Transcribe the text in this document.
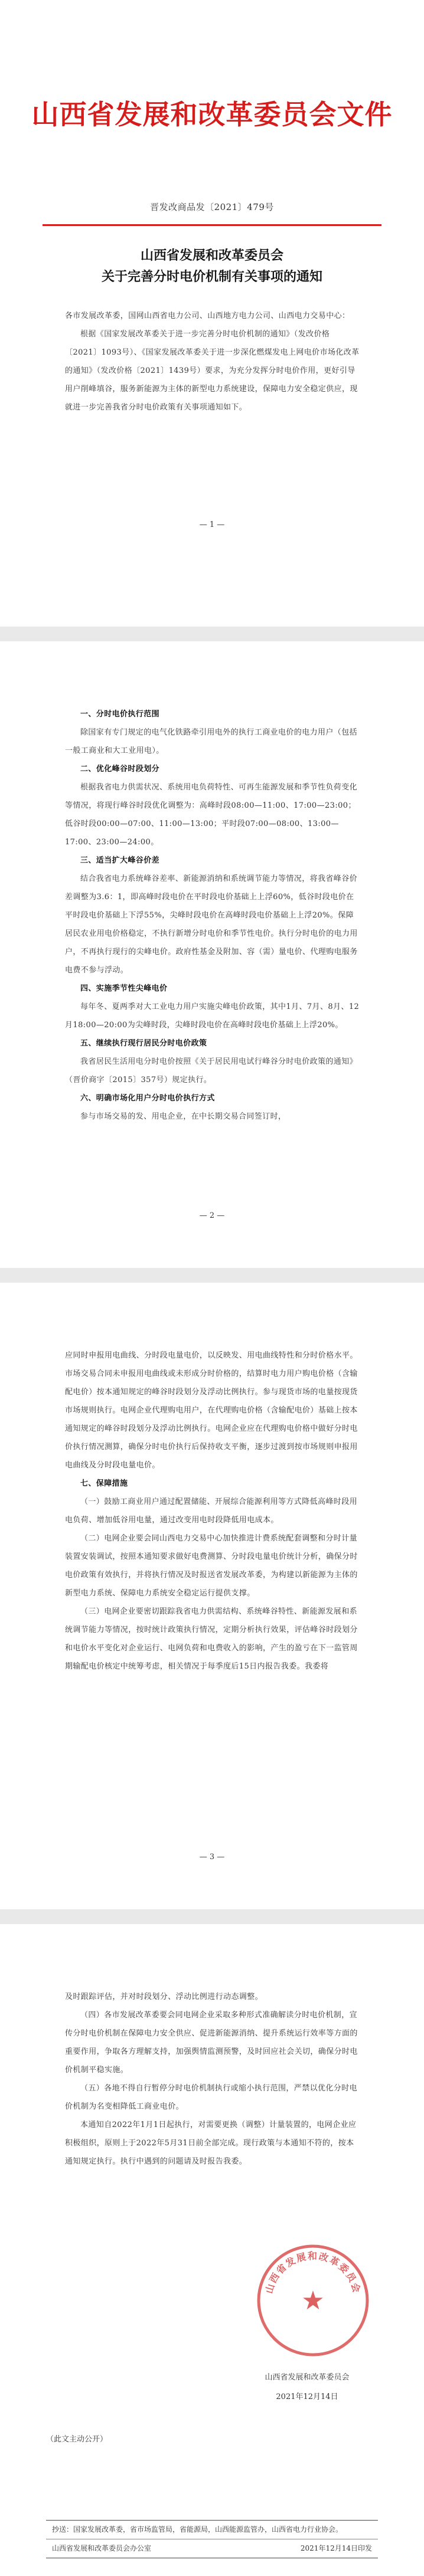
山西省发展和改革委员会文件
晋发改商品发〔2021〕479号
山西省发展和改革委员会
关于完善分时电价机制有关事项的通知

各市发展改革委，国网山西省电力公司、山西地方电力公司、山西电力交易中心：

根据《国家发展改革委关于进一步完善分时电价机制的通知》（发改价格〔2021〕1093号）、《国家发展改革委关于进一步深化燃煤发电上网电价市场化改革的通知》（发改价格〔2021〕1439号）要求，为充分发挥分时电价作用，更好引导用户削峰填谷，服务新能源为主体的新型电力系统建设，保障电力安全稳定供应，现就进一步完善我省分时电价政策有关事项通知如下。

— 1 —

一、分时电价执行范围

除国家有专门规定的电气化铁路牵引用电外的执行工商业电价的电力用户（包括一般工商业和大工业用电）。

二、优化峰谷时段划分

根据我省电力供需状况、系统用电负荷特性、可再生能源发展和季节性负荷变化等情况，将现行峰谷时段优化调整为：高峰时段08:00—11:00、17:00—23:00；低谷时段00:00—07:00、11:00—13:00；平时段07:00—08:00、13:00—17:00、23:00—24:00。

三、适当扩大峰谷价差

结合我省电力系统峰谷差率、新能源消纳和系统调节能力等情况，将我省峰谷价差调整为3.6：1，即高峰时段电价在平时段电价基础上上浮60%，低谷时段电价在平时段电价基础上下浮55%，尖峰时段电价在高峰时段电价基础上上浮20%。保障居民农业用电价格稳定，不执行新增分时电价和季节性电价。执行分时电价的电力用户，不再执行现行的尖峰电价。政府性基金及附加、容（需）量电价、代理购电服务电费不参与浮动。

四、实施季节性尖峰电价

每年冬、夏两季对大工业电力用户实施尖峰电价政策，其中1月、7月、8月、12月18:00—20:00为尖峰时段，尖峰时段电价在高峰时段电价基础上上浮20%。

五、继续执行现行居民分时电价政策

我省居民生活用电分时电价按照《关于居民用电试行峰谷分时电价政策的通知》（晋价商字〔2015〕357号）规定执行。

六、明确市场化用户分时电价执行方式

参与市场交易的发、用电企业，在中长期交易合同签订时，

— 2 —

应同时申报用电曲线、分时段电量电价，以反映发、用电曲线特性和分时价格水平。市场交易合同未申报用电曲线或未形成分时价格的，结算时电力用户购电价格（含输配电价）按本通知规定的峰谷时段划分及浮动比例执行。参与现货市场的电量按现货市场规则执行。电网企业代理购电用户，在代理购电价格（含输配电价）基础上按本通知规定的峰谷时段划分及浮动比例执行。电网企业应在代理购电价格中做好分时电价执行情况测算，确保分时电价执行后保持收支平衡，逐步过渡到按市场规则申报用电曲线及分时段电量电价。

七、保障措施

（一）鼓励工商业用户通过配置储能、开展综合能源利用等方式降低高峰时段用电负荷、增加低谷用电量，通过改变用电时段降低用电成本。

（二）电网企业要会同山西电力交易中心加快推进计费系统配套调整和分时计量装置安装调试，按照本通知要求做好电费测算、分时段电量电价统计分析，确保分时电价政策有效执行，并将执行情况及时报送省发展改革委，为构建以新能源为主体的新型电力系统、保障电力系统安全稳定运行提供支撑。

（三）电网企业要密切跟踪我省电力供需结构、系统峰谷特性、新能源发展和系统调节能力等情况，按时统计政策执行情况，定期分析执行效果，评估峰谷时段划分和电价水平变化对企业运行、电网负荷和电费收入的影响，产生的盈亏在下一监管周期输配电价核定中统筹考虑，相关情况于每季度后15日内报告我委。我委将

— 3 —

及时跟踪评估，并对时段划分、浮动比例进行动态调整。

（四）各市发展改革委要会同电网企业采取多种形式准确解读分时电价机制，宣传分时电价机制在保障电力安全供应、促进新能源消纳、提升系统运行效率等方面的重要作用，争取各方理解支持，加强舆情监测预警，及时回应社会关切，确保分时电价机制平稳实施。

（五）各地不得自行暂停分时电价机制执行或缩小执行范围，严禁以优化分时电价机制为名变相降低工商业电价。

本通知自2022年1月1日起执行，对需要更换（调整）计量装置的，电网企业应积极组织，原则上于2022年5月31日前全部完成。现行政策与本通知不符的，按本通知规定执行。执行中遇到的问题请及时报告我委。

山西省发展和改革委员会
★
山西省发展和改革委员会
2021年12月14日
（此文主动公开）
抄送：国家发展改革委，省市场监管局，省能源局，山西能源监管办，山西省电力行业协会。
山西省发展和改革委员会办公室	2021年12月14日印发
